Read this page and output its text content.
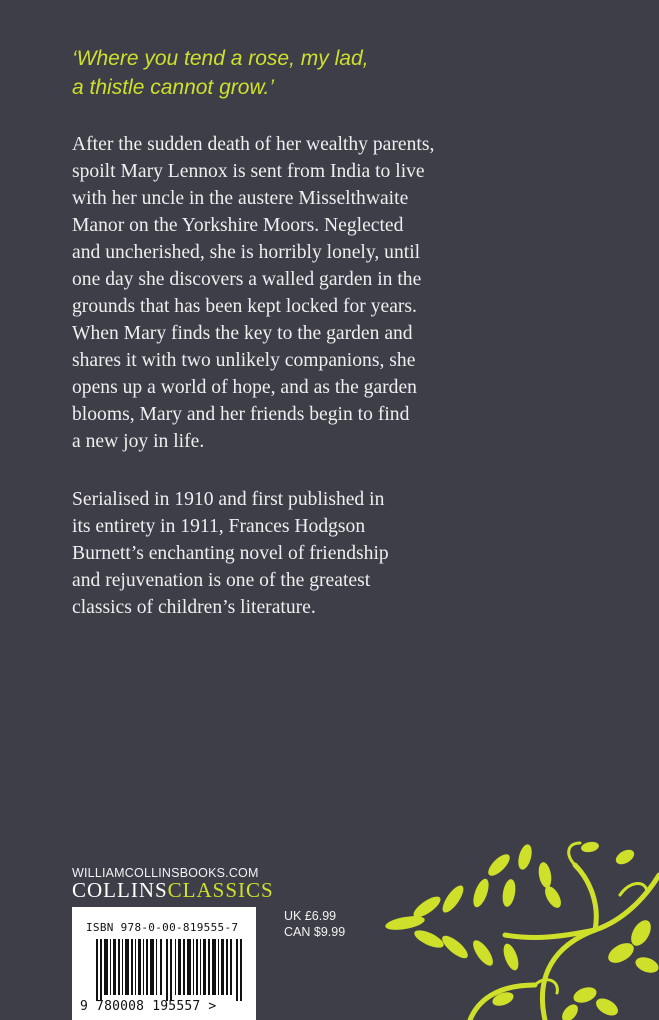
‘Where you tend a rose, my lad,
a thistle cannot grow.’
After the sudden death of her wealthy parents,
spoilt Mary Lennox is sent from India to live
with her uncle in the austere Misselthwaite
Manor on the Yorkshire Moors. Neglected
and uncherished, she is horribly lonely, until
one day she discovers a walled garden in the
grounds that has been kept locked for years.
When Mary finds the key to the garden and
shares it with two unlikely companions, she
opens up a world of hope, and as the garden
blooms, Mary and her friends begin to find
a new joy in life.
Serialised in 1910 and first published in
its entirety in 1911, Frances Hodgson
Burnett’s enchanting novel of friendship
and rejuvenation is one of the greatest
classics of children’s literature.
WILLIAMCOLLINSBOOKS.COM
COLLINSCLASSICS
ISBN 978-0-00-819555-7
9 780008 195557 >
UK £6.99
CAN $9.99
